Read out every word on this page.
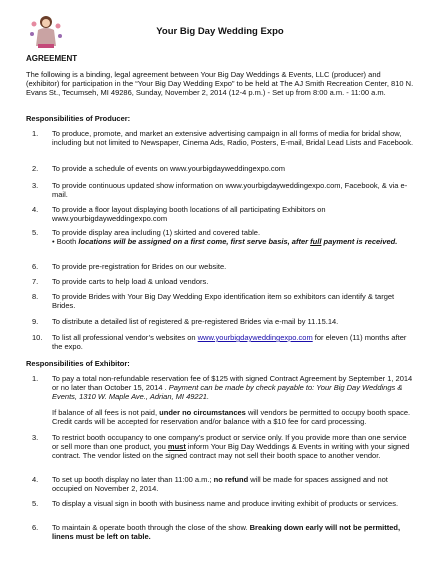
Your Big Day Wedding Expo
AGREEMENT
The following is a binding, legal agreement between Your Big Day Weddings & Events, LLC (producer) and (exhibitor) for participation in the “Your Big Day Wedding Expo” to be held at The AJ Smith Recreation Center, 810 N. Evans St., Tecumseh, MI 49286, Sunday, November 2, 2014 (12-4 p.m.) - Set up from 8:00 a.m. - 11:00 a.m.
Responsibilities of Producer:
1. To produce, promote, and market an extensive advertising campaign in all forms of media for bridal show, including but not limited to Newspaper, Cinema Ads, Radio, Posters, E-mail, Bridal Lead Lists and Facebook.
2. To provide a schedule of events on www.yourbigdayweddingexpo.com
3. To provide continuous updated show information on www.yourbigdayweddingexpo.com, Facebook, & via e-mail.
4. To provide a floor layout displaying booth locations of all participating Exhibitors on www.yourbigdayweddingexpo.com
5. To provide display area including (1) skirted and covered table.
• Booth locations will be assigned on a first come, first serve basis, after full payment is received.
6. To provide pre-registration for Brides on our website.
7. To provide carts to help load & unload vendors.
8. To provide Brides with Your Big Day Wedding Expo identification item so exhibitors can identify & target Brides.
9. To distribute a detailed list of registered & pre-registered Brides via e-mail by 11.15.14.
10. To list all professional vendor’s websites on www.yourbigdayweddingexpo.com for eleven (11) months after the expo.
Responsibilities of Exhibitor:
1. To pay a total non-refundable reservation fee of $125 with signed Contract Agreement by September 1, 2014 or no later than October 15, 2014 . Payment can be made by check payable to: Your Big Day Weddings & Events, 1310 W. Maple Ave., Adrian, MI 49221.
If balance of all fees is not paid, under no circumstances will vendors be permitted to occupy booth space. Credit cards will be accepted for reservation and/or balance with a $10 fee for card processing.
3. To restrict booth occupancy to one company’s product or service only. If you provide more than one service or sell more than one product, you must inform Your Big Day Weddings & Events in writing with your signed contract. The vendor listed on the signed contract may not sell their booth space to another vendor.
4. To set up booth display no later than 11:00 a.m.; no refund will be made for spaces assigned and not occupied on November 2, 2014.
5. To display a visual sign in booth with business name and produce inviting exhibit of products or services.
6. To maintain & operate booth through the close of the show. Breaking down early will not be permitted, linens must be left on table.
